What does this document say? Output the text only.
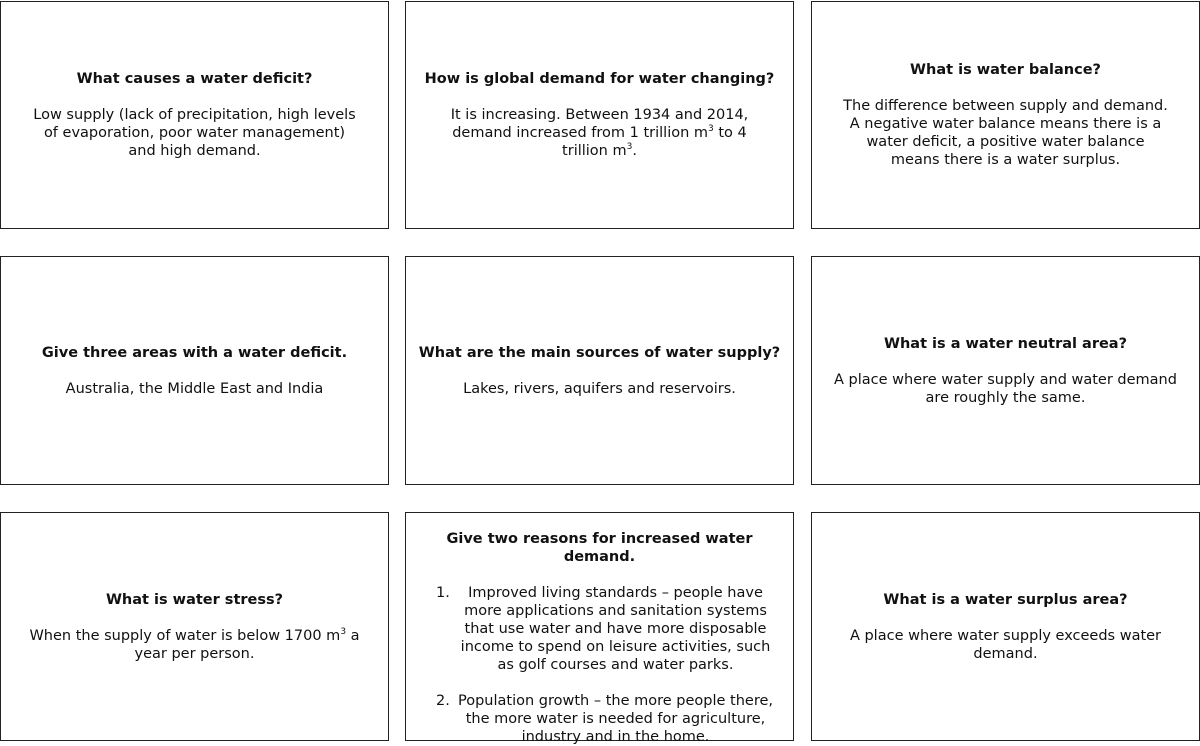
What causes a water deficit?

Low supply (lack of precipitation, high levels of evaporation, poor water management) and high demand.

How is global demand for water changing?

It is increasing. Between 1934 and 2014, demand increased from 1 trillion $m^3$ to 4 trillion $m^3$.

What is water balance?

The difference between supply and demand. A negative water balance means there is a water deficit, a positive water balance means there is a water surplus.

Give three areas with a water deficit.

Australia, the Middle East and India

What are the main sources of water supply?

Lakes, rivers, aquifers and reservoirs.

What is a water neutral area?

A place where water supply and water demand are roughly the same.

What is water stress?

When the supply of water is below 1700 $m^3$ a year per person.

Give two reasons for increased water demand.

1. Improved living standards – people have more applications and sanitation systems that use water and have more disposable income to spend on leisure activities, such as golf courses and water parks.
2. Population growth – the more people there, the more water is needed for agriculture, industry and in the home.

What is a water surplus area?

A place where water supply exceeds water demand.
